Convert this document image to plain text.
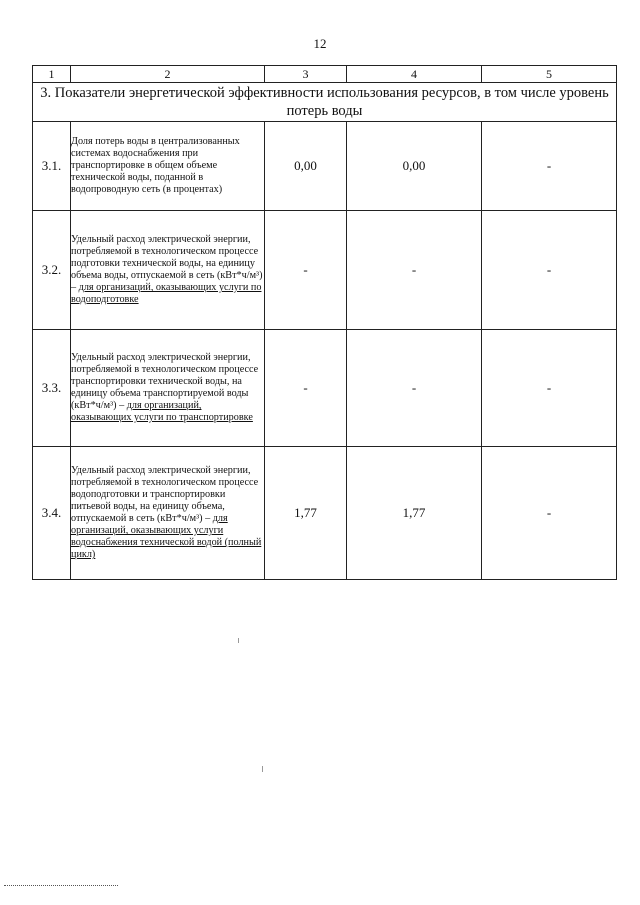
12
1	2	3	4	5
3. Показатели энергетической эффективности использования ресурсов, в том числе уровень потерь воды				
3.1.	Доля потерь воды в централизованных системах водоснабжения при транспортировке в общем объеме технической воды, поданной в водопроводную сеть (в процентах)	0,00	0,00	-
3.2.	Удельный расход электрической энергии, потребляемой в технологическом процессе подготовки технической воды, на единицу объема воды, отпускаемой в сеть (кВт*ч/м³) – для организаций, оказывающих услуги по водоподготовке	-	-	-
3.3.	Удельный расход электрической энергии, потребляемой в технологическом процессе транспортировки технической воды, на единицу объема транспортируемой воды (кВт*ч/м³) – для организаций, оказывающих услуги по транспортировке	-	-	-
3.4.	Удельный расход электрической энергии, потребляемой в технологическом процессе водоподготовки и транспортировки питьевой воды, на единицу объема, отпускаемой в сеть (кВт*ч/м³) – для организаций, оказывающих услуги водоснабжения технической водой (полный цикл)	1,77	1,77	-
